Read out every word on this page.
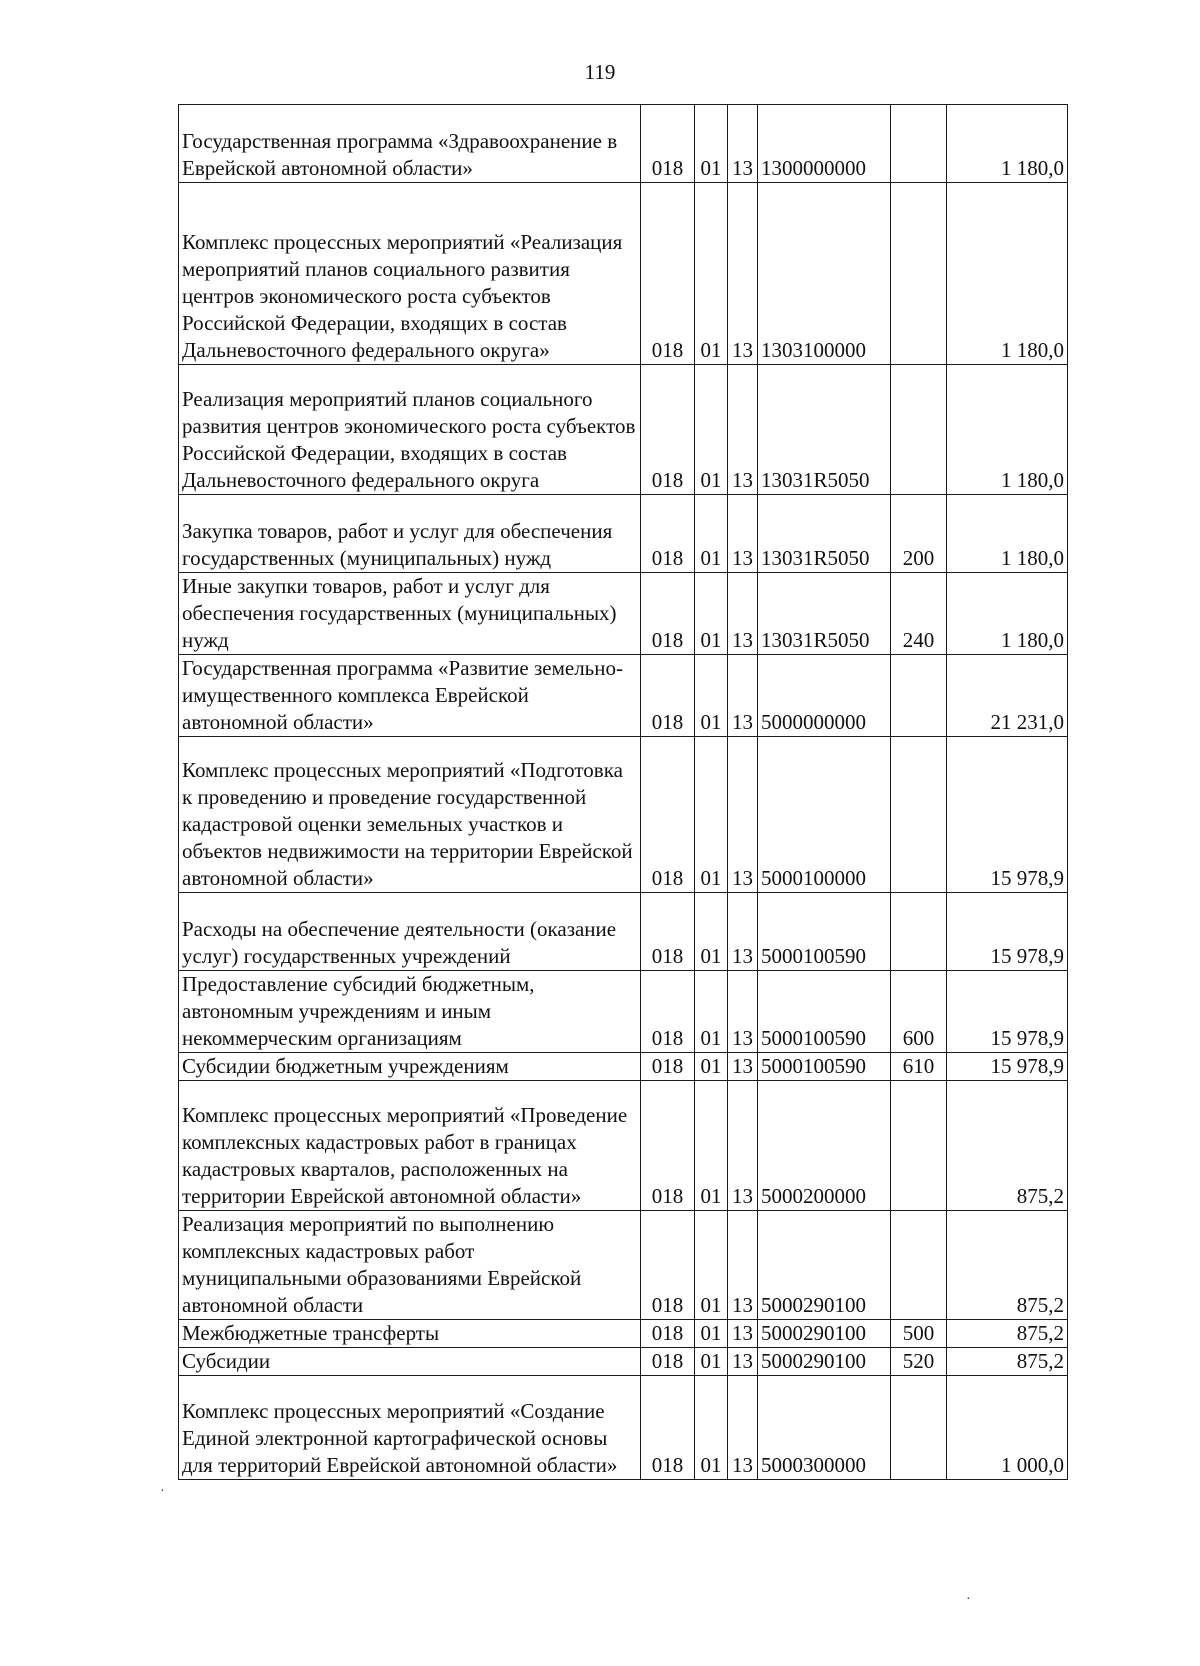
119
Государственная программа «Здравоохранение в Еврейской автономной области»	018	01	13	1300000000		1 180,0

Комплекс процессных мероприятий «Реализация мероприятий планов социального развития центров экономического роста субъектов Российской Федерации, входящих в состав Дальневосточного федерального округа»	018	01	13	1303100000		1 180,0

Реализация мероприятий планов социального развития центров экономического роста субъектов Российской Федерации, входящих в состав Дальневосточного федерального округа	018	01	13	13031R5050		1 180,0

Закупка товаров, работ и услуг для обеспечения государственных (муниципальных) нужд	018	01	13	13031R5050	200	1 180,0

Иные закупки товаров, работ и услуг для обеспечения государственных (муниципальных) нужд	018	01	13	13031R5050	240	1 180,0

Государственная программа «Развитие земельно-имущественного комплекса Еврейской автономной области»	018	01	13	5000000000		21 231,0

Комплекс процессных мероприятий «Подготовка к проведению и проведение государственной кадастровой оценки земельных участков и объектов недвижимости на территории Еврейской автономной области»	018	01	13	5000100000		15 978,9

Расходы на обеспечение деятельности (оказание услуг) государственных учреждений	018	01	13	5000100590		15 978,9

Предоставление субсидий бюджетным, автономным учреждениям и иным некоммерческим организациям	018	01	13	5000100590	600	15 978,9

Субсидии бюджетным учреждениям	018	01	13	5000100590	610	15 978,9

Комплекс процессных мероприятий «Проведение комплексных кадастровых работ в границах кадастровых кварталов, расположенных на территории Еврейской автономной области»	018	01	13	5000200000		875,2

Реализация мероприятий по выполнению комплексных кадастровых работ муниципальными образованиями Еврейской автономной области	018	01	13	5000290100		875,2

Межбюджетные трансферты	018	01	13	5000290100	500	875,2

Субсидии	018	01	13	5000290100	520	875,2

Комплекс процессных мероприятий «Создание Единой электронной картографической основы для территорий Еврейской автономной области»	018	01	13	5000300000		1 000,0
·
·
